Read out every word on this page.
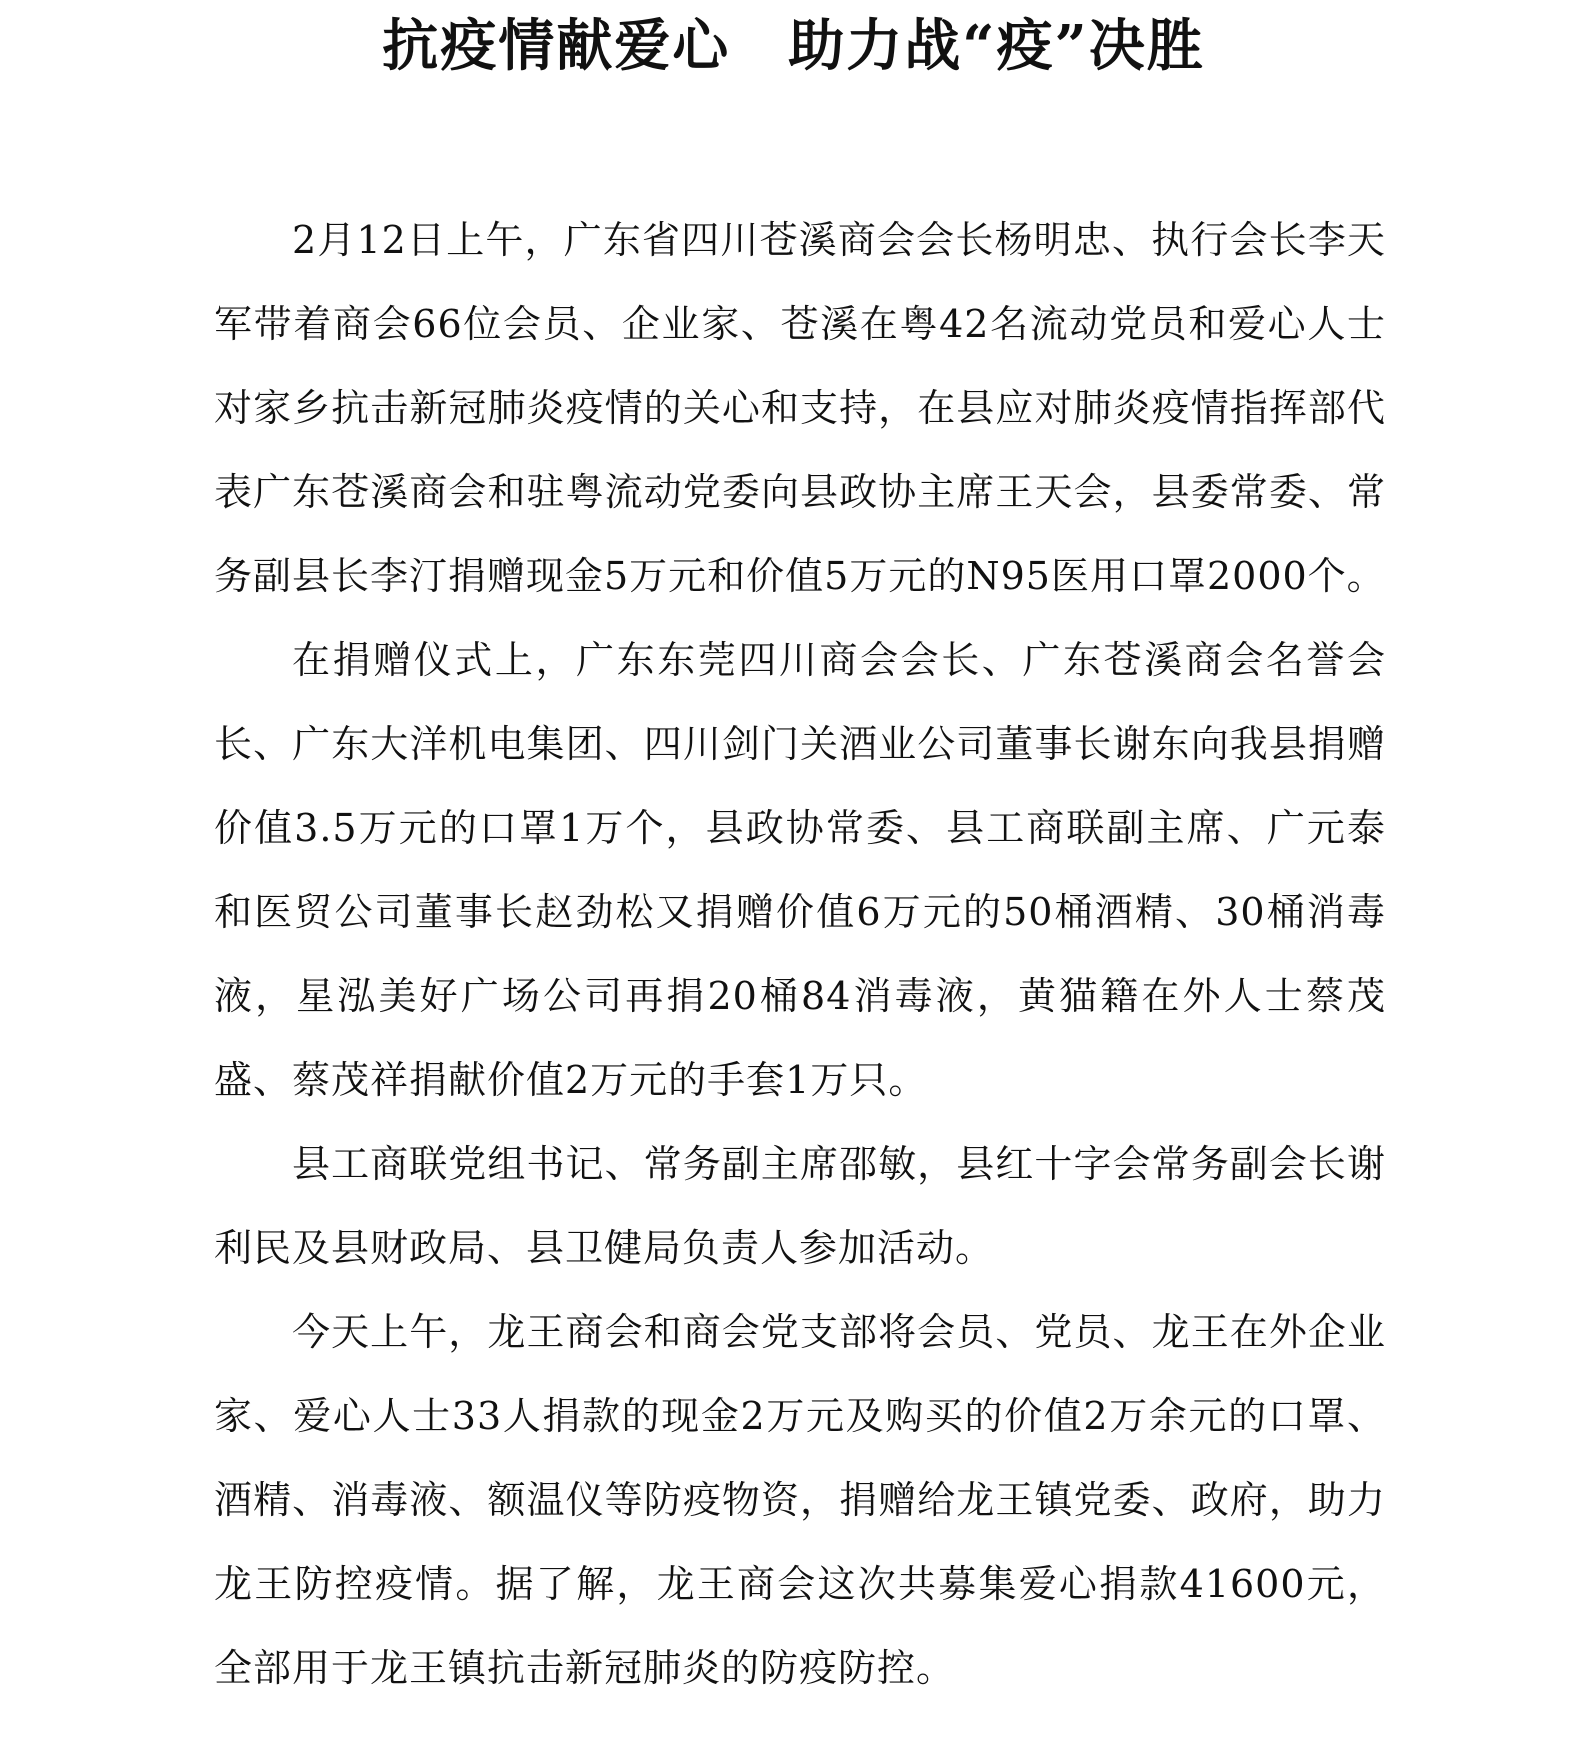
抗疫情献爱心　助力战“疫”决胜

2月12日上午，广东省四川苍溪商会会长杨明忠、执行会长李天军带着商会66位会员、企业家、苍溪在粤42名流动党员和爱心人士对家乡抗击新冠肺炎疫情的关心和支持，在县应对肺炎疫情指挥部代表广东苍溪商会和驻粤流动党委向县政协主席王天会，县委常委、常务副县长李汀捐赠现金5万元和价值5万元的N95医用口罩2000个。

在捐赠仪式上，广东东莞四川商会会长、广东苍溪商会名誉会长、广东大洋机电集团、四川剑门关酒业公司董事长谢东向我县捐赠价值3.5万元的口罩1万个，县政协常委、县工商联副主席、广元泰和医贸公司董事长赵劲松又捐赠价值6万元的50桶酒精、30桶消毒液，星泓美好广场公司再捐20桶84消毒液，黄猫籍在外人士蔡茂盛、蔡茂祥捐献价值2万元的手套1万只。

县工商联党组书记、常务副主席邵敏，县红十字会常务副会长谢利民及县财政局、县卫健局负责人参加活动。

今天上午，龙王商会和商会党支部将会员、党员、龙王在外企业家、爱心人士33人捐款的现金2万元及购买的价值2万余元的口罩、酒精、消毒液、额温仪等防疫物资，捐赠给龙王镇党委、政府，助力龙王防控疫情。据了解，龙王商会这次共募集爱心捐款41600元，全部用于龙王镇抗击新冠肺炎的防疫防控。
